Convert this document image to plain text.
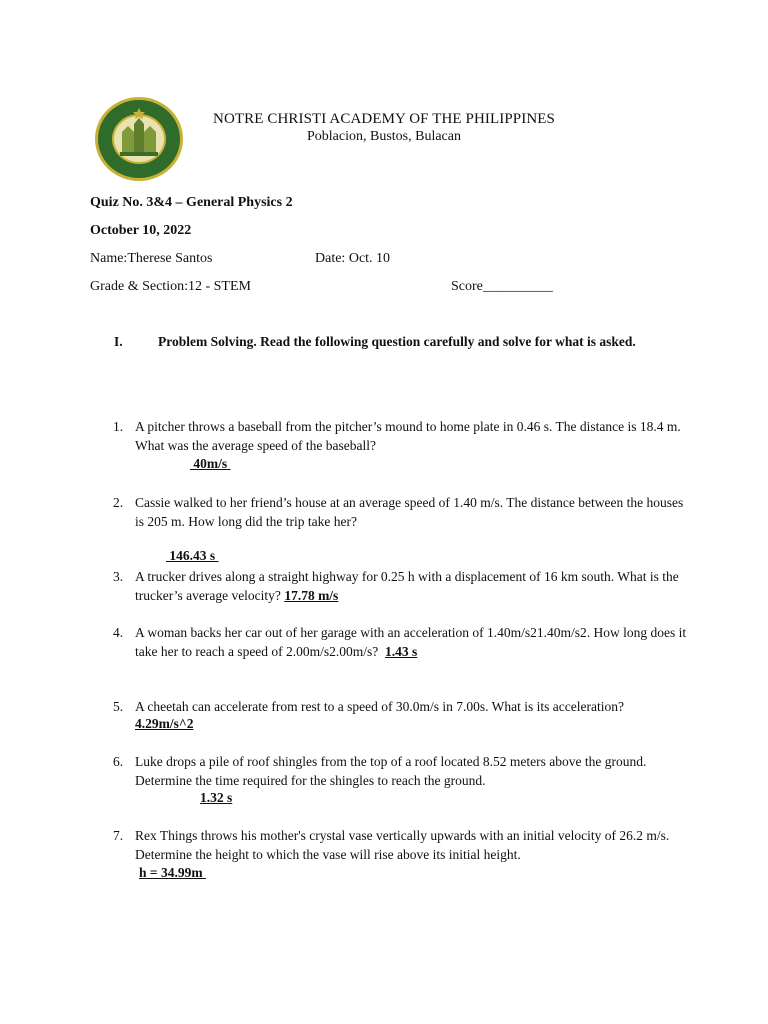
NOTRE CHRISTI ACADEMY OF THE PHILIPPINES
Poblacion, Bustos, Bulacan
Quiz No. 3&4 – General Physics 2
October 10, 2022
Name:Therese Santos	Date: Oct. 10
Grade & Section:12 - STEM	Score__________
I.	Problem Solving. Read the following question carefully and solve for what is asked.
1. A pitcher throws a baseball from the pitcher’s mound to home plate in 0.46 s. The distance is 18.4 m. What was the average speed of the baseball?
40m/s
2. Cassie walked to her friend’s house at an average speed of 1.40 m/s. The distance between the houses is 205 m. How long did the trip take her?
146.43 s
3. A trucker drives along a straight highway for 0.25 h with a displacement of 16 km south. What is the trucker’s average velocity? 17.78 m/s
4. A woman backs her car out of her garage with an acceleration of 1.40m/s21.40m/s2. How long does it take her to reach a speed of 2.00m/s2.00m/s? 1.43 s
5. A cheetah can accelerate from rest to a speed of 30.0m/s in 7.00s. What is its acceleration?
4.29m/s^2
6. Luke drops a pile of roof shingles from the top of a roof located 8.52 meters above the ground. Determine the time required for the shingles to reach the ground.
1.32 s
7. Rex Things throws his mother's crystal vase vertically upwards with an initial velocity of 26.2 m/s. Determine the height to which the vase will rise above its initial height.
h = 34.99m
